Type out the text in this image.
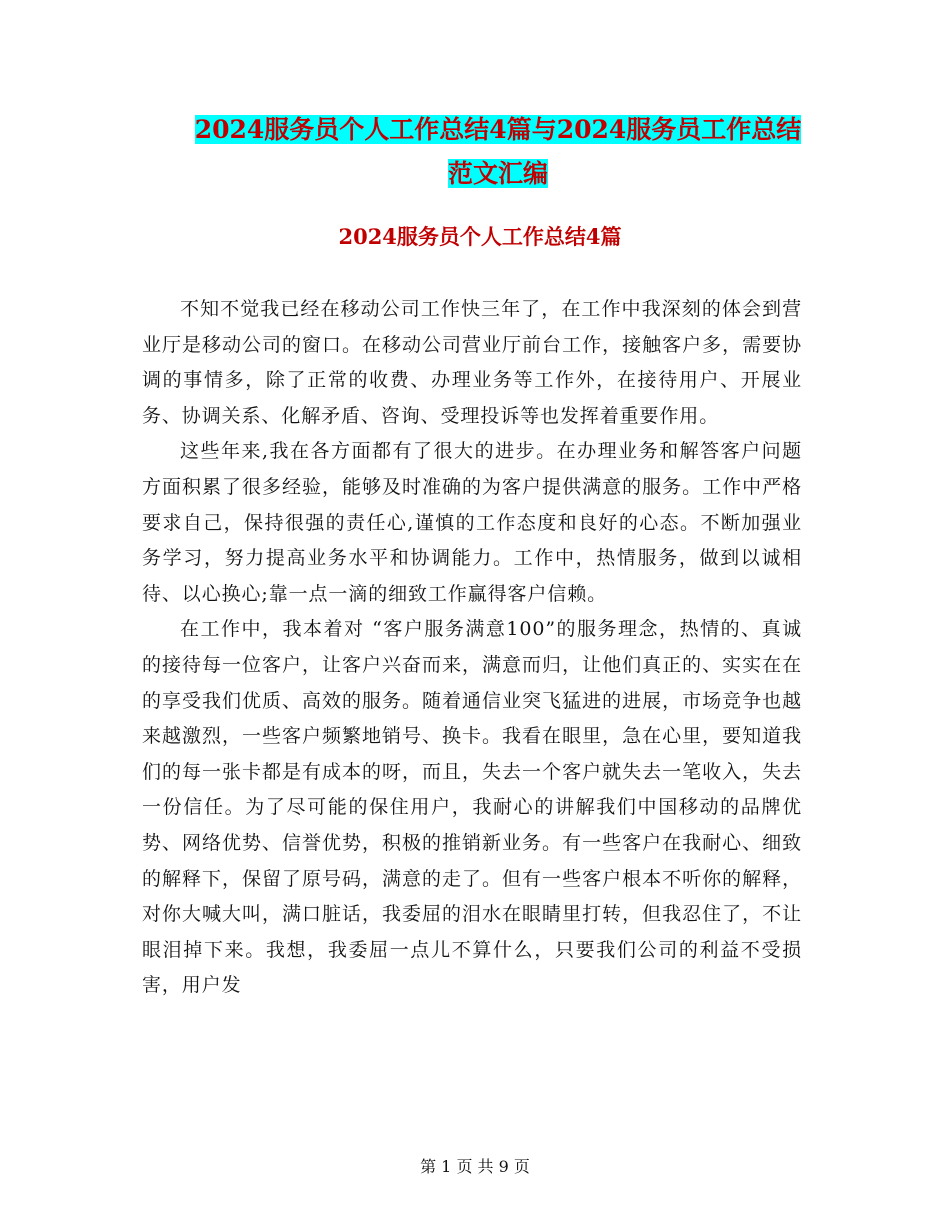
2024服务员个人工作总结4篇与2024服务员工作总结
范文汇编
2024服务员个人工作总结4篇

不知不觉我已经在移动公司工作快三年了，在工作中我深刻的体会到营业厅是移动公司的窗口。在移动公司营业厅前台工作，接触客户多，需要协调的事情多，除了正常的收费、办理业务等工作外，在接待用户、开展业务、协调关系、化解矛盾、咨询、受理投诉等也发挥着重要作用。

这些年来,我在各方面都有了很大的进步。在办理业务和解答客户问题方面积累了很多经验，能够及时准确的为客户提供满意的服务。工作中严格要求自己，保持很强的责任心,谨慎的工作态度和良好的心态。不断加强业务学习，努力提高业务水平和协调能力。工作中，热情服务，做到以诚相待、以心换心;靠一点一滴的细致工作赢得客户信赖。

在工作中，我本着对 “客户服务满意100”的服务理念，热情的、真诚的接待每一位客户，让客户兴奋而来，满意而归，让他们真正的、实实在在的享受我们优质、高效的服务。随着通信业突飞猛进的进展，市场竞争也越来越激烈，一些客户频繁地销号、换卡。我看在眼里，急在心里，要知道我们的每一张卡都是有成本的呀，而且，失去一个客户就失去一笔收入，失去一份信任。为了尽可能的保住用户，我耐心的讲解我们中国移动的品牌优势、网络优势、信誉优势，积极的推销新业务。有一些客户在我耐心、细致的解释下，保留了原号码，满意的走了。但有一些客户根本不听你的解释，对你大喊大叫，满口脏话，我委屈的泪水在眼睛里打转，但我忍住了，不让眼泪掉下来。我想，我委屈一点儿不算什么，只要我们公司的利益不受损害，用户发

第 1 页 共 9 页
